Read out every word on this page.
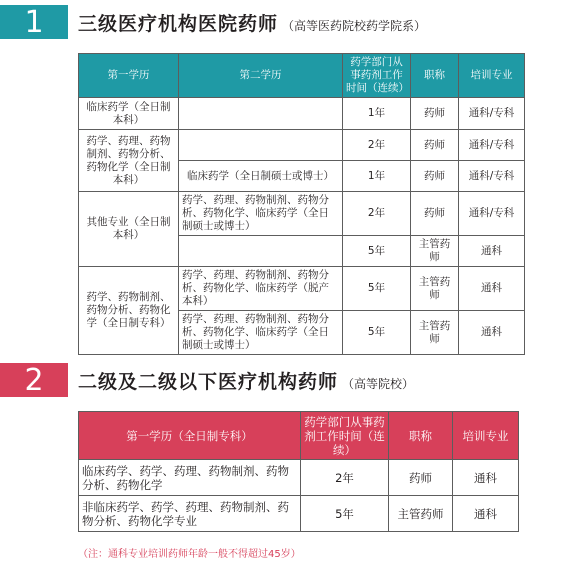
1	三级医疗机构医院药师 （高等医药院校药学院系）
第一学历	第二学历	药学部门从事药剂工作时间（连续）	职称	培训专业
临床药学（全日制本科）		1年	药师	通科/专科
药学、药理、药物制剂、药物分析、药物化学（全日制本科）		2年	药师	通科/专科
	临床药学（全日制硕士或博士）	1年	药师	通科/专科
其他专业（全日制本科）	药学、药理、药物制剂、药物分析、药物化学、临床药学（全日制硕士或博士）	2年	药师	通科/专科
		5年	主管药师	通科
药学、药物制剂、药物分析、药物化学（全日制专科）	药学、药理、药物制剂、药物分析、药物化学、临床药学（脱产本科）	5年	主管药师	通科
	药学、药理、药物制剂、药物分析、药物化学、临床药学（全日制硕士或博士）	5年	主管药师	通科
2	二级及二级以下医疗机构药师 （高等院校）
第一学历（全日制专科）	药学部门从事药剂工作时间（连续）	职称	培训专业
临床药学、药学、药理、药物制剂、药物分析、药物化学	2年	药师	通科
非临床药学、药学、药理、药物制剂、药物分析、药物化学专业	5年	主管药师	通科
（注：通科专业培训药师年龄一般不得超过45岁）
